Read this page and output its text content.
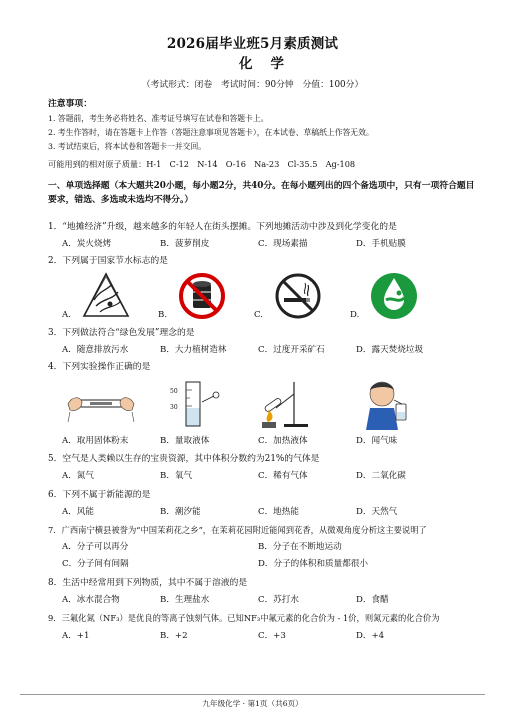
2026届毕业班5月素质测试
化学
（考试形式：闭卷　考试时间：90分钟　分值：100分）
注意事项：
1. 答题前，考生务必将姓名、准考证号填写在试卷和答题卡上。
2. 考生作答时，请在答题卡上作答（答题注意事项见答题卡），在本试卷、草稿纸上作答无效。
3. 考试结束后，将本试卷和答题卡一并交回。
可能用到的相对原子质量：H-1　C-12　N-14　O-16　Na-23　Cl-35.5　Ag-108
一、单项选择题（本大题共20小题，每小题2分，共40分。在每小题列出的四个备选项中，只有一项符合题目要求，错选、多选或未选均不得分。）
1．“地摊经济”升级，越来越多的年轻人在街头摆摊。下列地摊活动中涉及到化学变化的是
A．炭火烧烤	B．菠萝削皮	C．现场素描	D．手机贴膜
2．下列属于国家节水标志的是
A.	B.	C.	D.
3．下列做法符合“绿色发展”理念的是
A．随意排放污水	B．大力植树造林	C．过度开采矿石	D．露天焚烧垃圾
4．下列实验操作正确的是
50
30
A．取用固体粉末	B．量取液体	C．加热液体	D．闻气味
5．空气是人类赖以生存的宝贵资源，其中体积分数约为21%的气体是
A．氮气	B．氧气	C．稀有气体	D．二氧化碳
6．下列不属于新能源的是
A．风能	B．潮汐能	C．地热能	D．天然气
7．广西南宁横县被誉为“中国茉莉花之乡”，在茉莉花园附近能闻到花香，从微观角度分析这主要说明了
A．分子可以再分	B．分子在不断地运动
C．分子间有间隔	D．分子的体积和质量都很小
8．生活中经常用到下列物质，其中不属于溶液的是
A．冰水混合物	B．生理盐水	C．苏打水	D．食醋
9．三氟化氮（NF₃）是优良的等离子蚀刻气体。已知NF₃中氟元素的化合价为 - 1价，则氮元素的化合价为
A．+1	B．+2	C．+3	D．+4
九年级化学 · 第1页（共6页）
